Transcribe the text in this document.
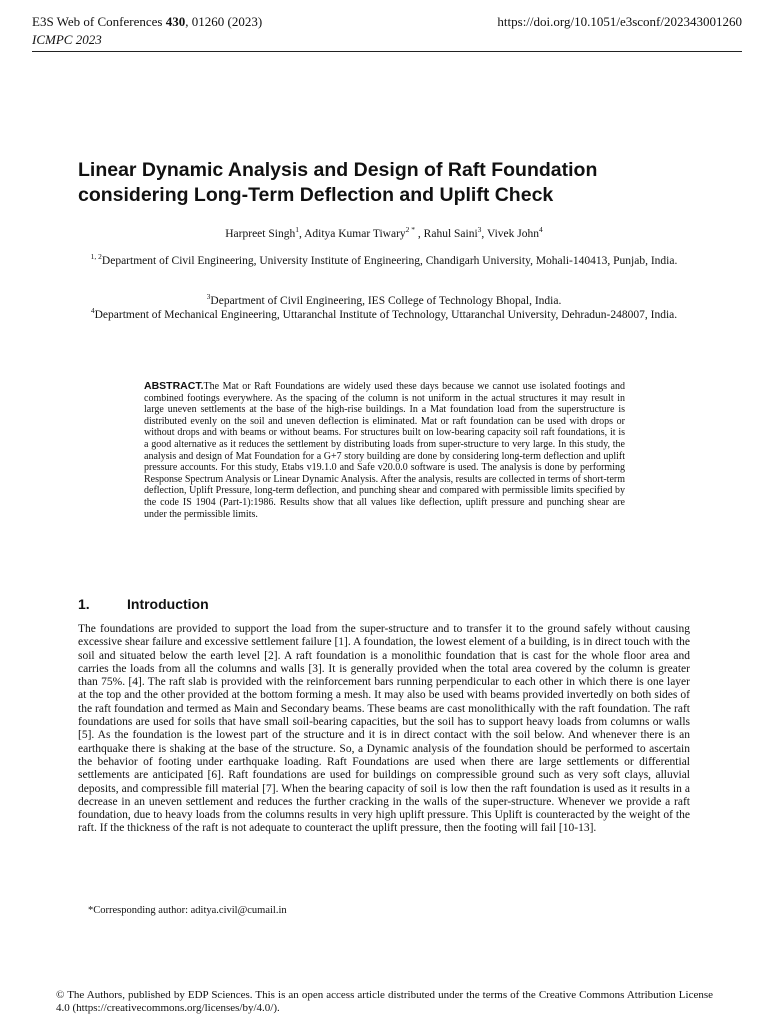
E3S Web of Conferences 430, 01260 (2023)
ICMPC 2023
https://doi.org/10.1051/e3sconf/202343001260
Linear Dynamic Analysis and Design of Raft Foundation considering Long-Term Deflection and Uplift Check
Harpreet Singh$^1$, Aditya Kumar Tiwary$^{2 *}$ , Rahul Saini$^3$, Vivek John$^4$
$^{1, 2}$Department of Civil Engineering, University Institute of Engineering, Chandigarh University, Mohali-140413, Punjab, India.
$^3$Department of Civil Engineering, IES College of Technology Bhopal, India.
$^4$Department of Mechanical Engineering, Uttaranchal Institute of Technology, Uttaranchal University, Dehradun-248007, India.
ABSTRACT.The Mat or Raft Foundations are widely used these days because we cannot use isolated footings and combined footings everywhere. As the spacing of the column is not uniform in the actual structures it may result in large uneven settlements at the base of the high-rise buildings. In a Mat foundation load from the superstructure is distributed evenly on the soil and uneven deflection is eliminated. Mat or raft foundation can be used with drops or without drops and with beams or without beams. For structures built on low-bearing capacity soil raft foundations, it is a good alternative as it reduces the settlement by distributing loads from super-structure to very large. In this study, the analysis and design of Mat Foundation for a G+7 story building are done by considering long-term deflection and uplift pressure accounts. For this study, Etabs v19.1.0 and Safe v20.0.0 software is used. The analysis is done by performing Response Spectrum Analysis or Linear Dynamic Analysis. After the analysis, results are collected in terms of short-term deflection, Uplift Pressure, long-term deflection, and punching shear and compared with permissible limits specified by the code IS 1904 (Part-1):1986. Results show that all values like deflection, uplift pressure and punching shear are under the permissible limits.
1.	Introduction

The foundations are provided to support the load from the super-structure and to transfer it to the ground safely without causing excessive shear failure and excessive settlement failure [1]. A foundation, the lowest element of a building, is in direct touch with the soil and situated below the earth level [2]. A raft foundation is a monolithic foundation that is cast for the whole floor area and carries the loads from all the columns and walls [3]. It is generally provided when the total area covered by the column is greater than 75%. [4]. The raft slab is provided with the reinforcement bars running perpendicular to each other in which there is one layer at the top and the other provided at the bottom forming a mesh. It may also be used with beams provided invertedly on both sides of the raft foundation and termed as Main and Secondary beams. These beams are cast monolithically with the raft foundation. The raft foundations are used for soils that have small soil-bearing capacities, but the soil has to support heavy loads from columns or walls [5]. As the foundation is the lowest part of the structure and it is in direct contact with the soil below. And whenever there is an earthquake there is shaking at the base of the structure. So, a Dynamic analysis of the foundation should be performed to ascertain the behavior of footing under earthquake loading. Raft Foundations are used when there are large settlements or differential settlements are anticipated [6]. Raft foundations are used for buildings on compressible ground such as very soft clays, alluvial deposits, and compressible fill material [7]. When the bearing capacity of soil is low then the raft foundation is used as it results in a decrease in an uneven settlement and reduces the further cracking in the walls of the super-structure. Whenever we provide a raft foundation, due to heavy loads from the columns results in very high uplift pressure. This Uplift is counteracted by the weight of the raft. If the thickness of the raft is not adequate to counteract the uplift pressure, then the footing will fail [10-13].

*Corresponding author: aditya.civil@cumail.in
© The Authors, published by EDP Sciences. This is an open access article distributed under the terms of the Creative Commons Attribution License 4.0 (https://creativecommons.org/licenses/by/4.0/).
